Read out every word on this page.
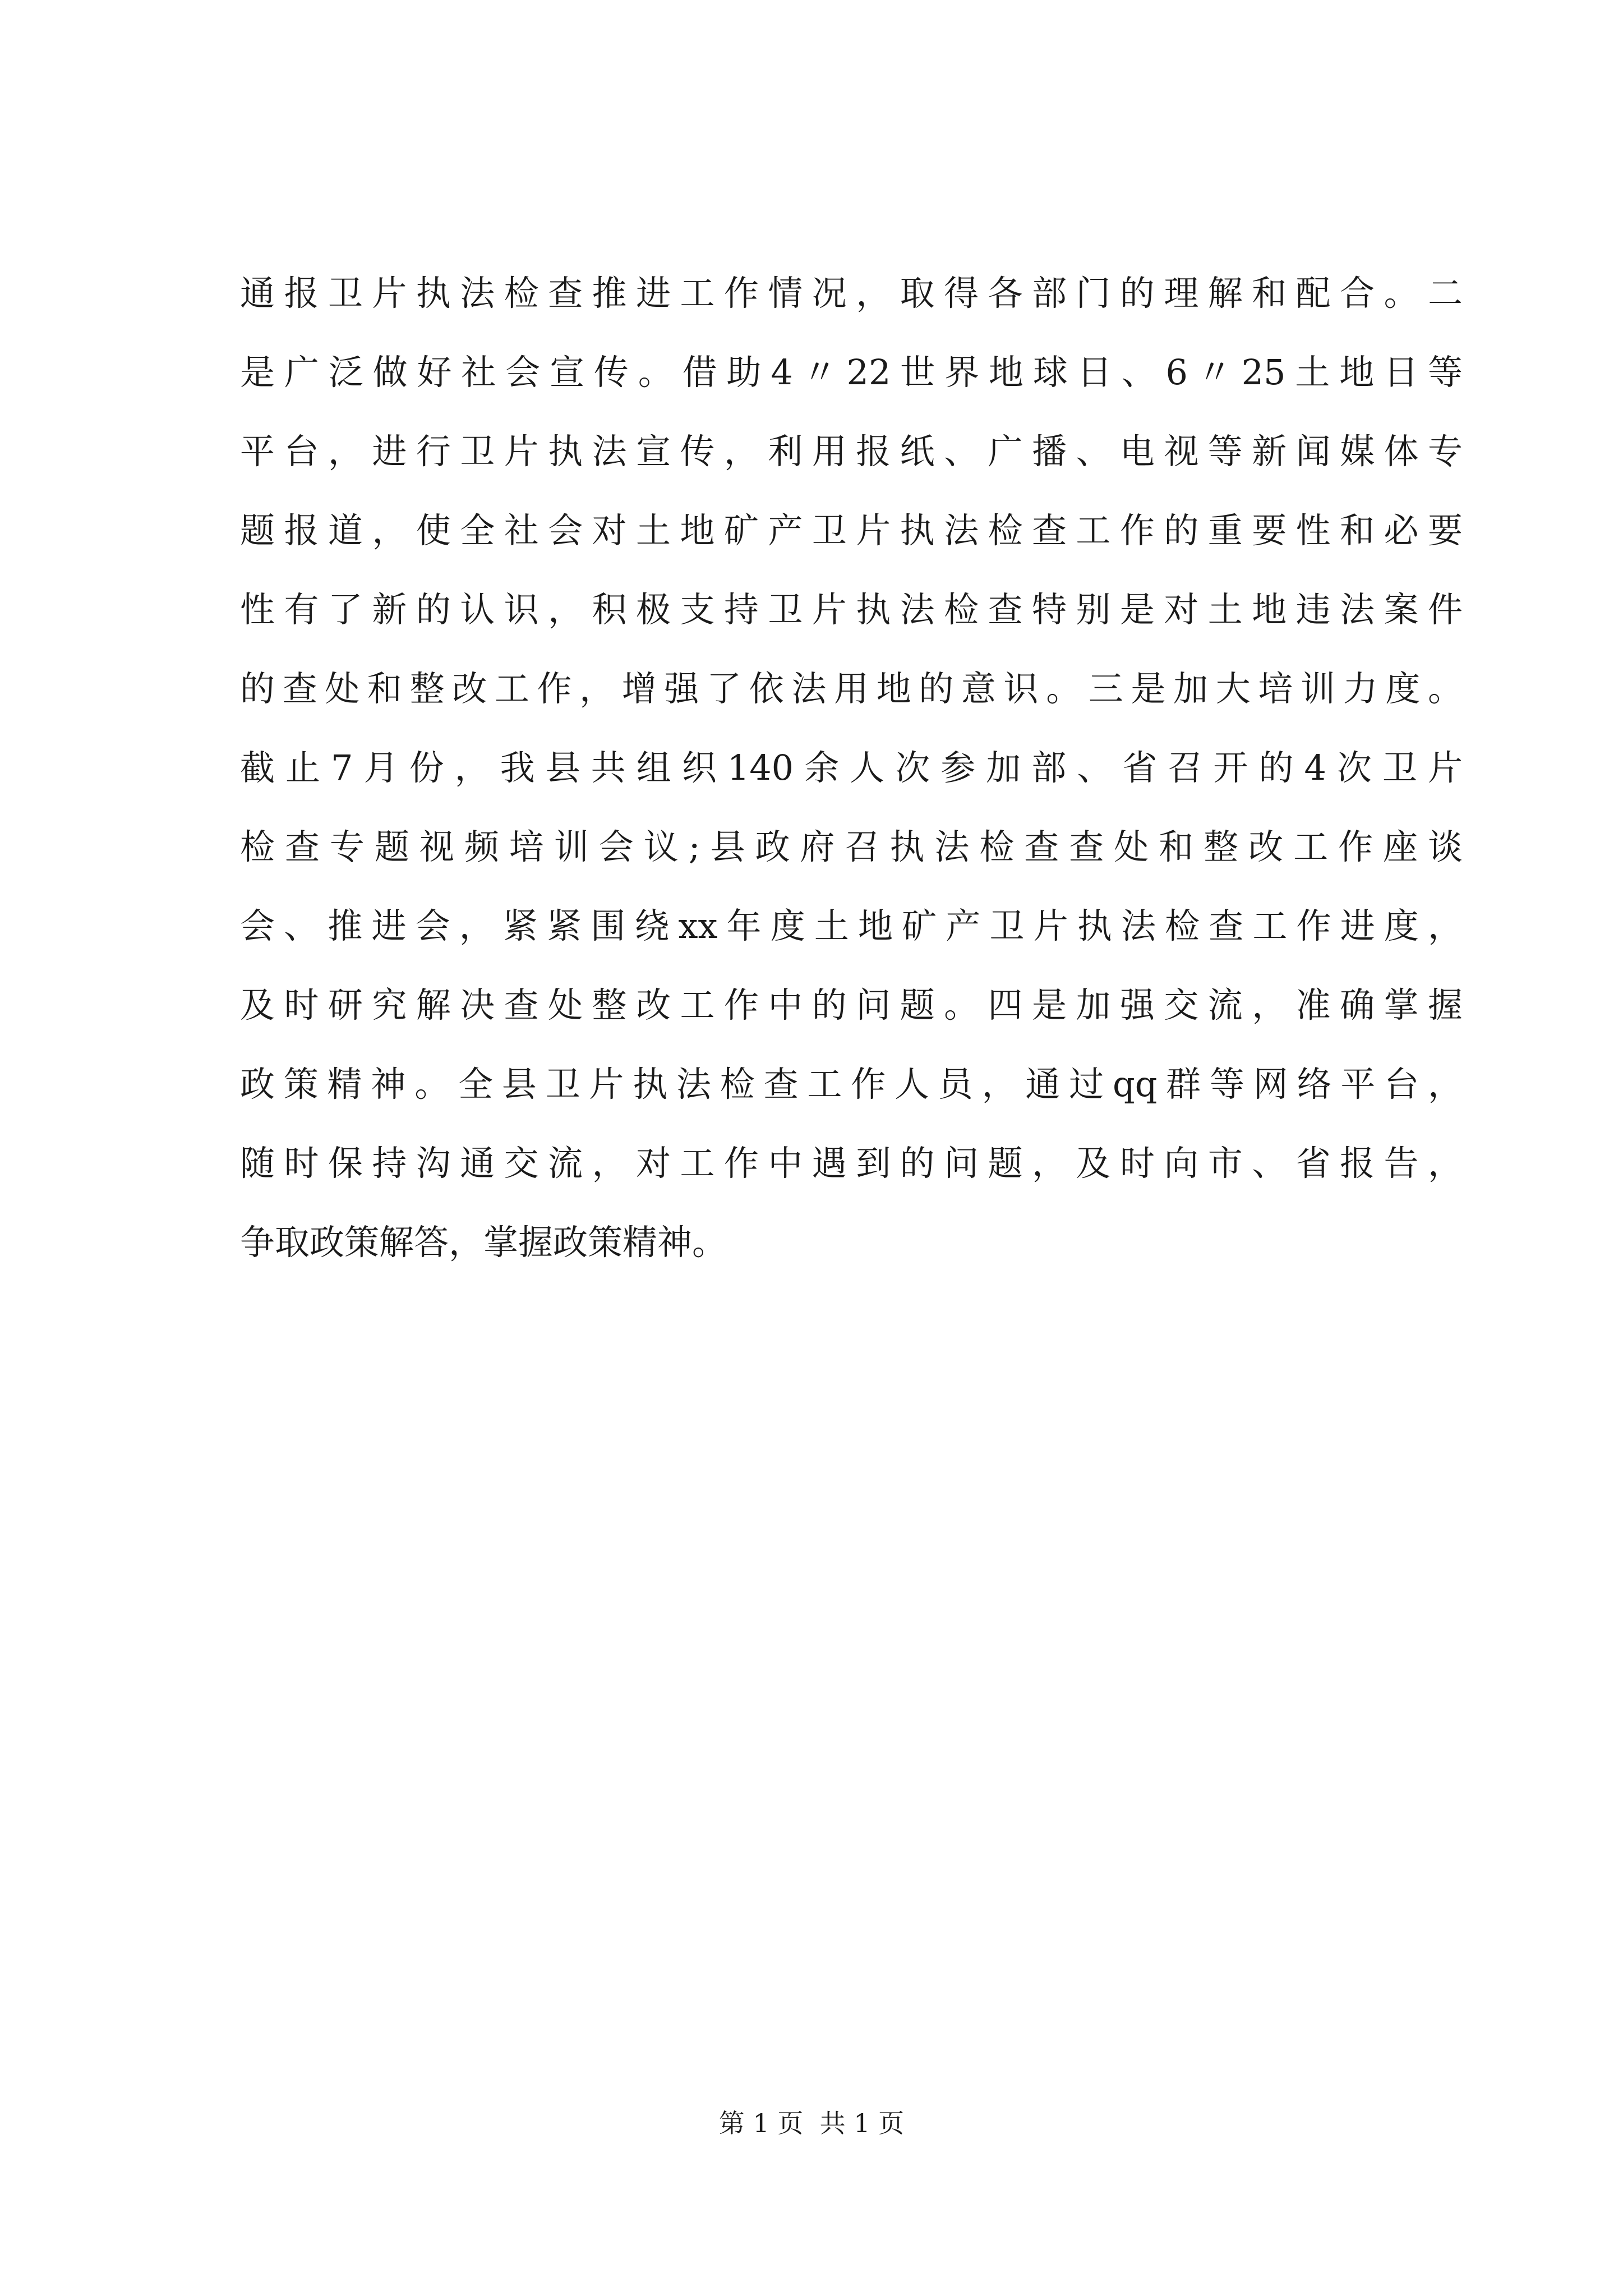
通报卫片执法检查推进工作情况，取得各部门的理解和配合。二
是广泛做好社会宣传。借助4〃22世界地球日、6〃25土地日等
平台，进行卫片执法宣传，利用报纸、广播、电视等新闻媒体专
题报道，使全社会对土地矿产卫片执法检查工作的重要性和必要
性有了新的认识，积极支持卫片执法检查特别是对土地违法案件
的查处和整改工作，增强了依法用地的意识。三是加大培训力度。
截止7月份，我县共组织140余人次参加部、省召开的4次卫片
检查专题视频培训会议;县政府召执法检查查处和整改工作座谈
会、推进会，紧紧围绕xx年度土地矿产卫片执法检查工作进度，
及时研究解决查处整改工作中的问题。四是加强交流，准确掌握
政策精神。全县卫片执法检查工作人员，通过qq群等网络平台，
随时保持沟通交流，对工作中遇到的问题，及时向市、省报告，
争取政策解答，掌握政策精神。
第 1 页  共 1 页
